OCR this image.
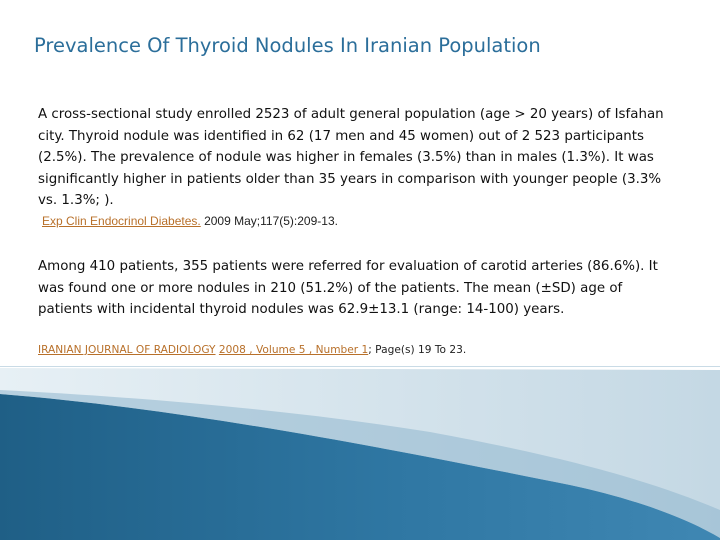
Prevalence Of Thyroid Nodules In Iranian Population

A cross-sectional study enrolled 2523 of adult general population (age > 20 years) of Isfahan city. Thyroid nodule was identified in 62 (17 men and 45 women) out of 2 523 participants (2.5%). The prevalence of nodule was higher in females (3.5%) than in males (1.3%). It was significantly higher in patients older than 35 years in comparison with younger people (3.3% vs. 1.3%; ).

Exp Clin Endocrinol Diabetes. 2009 May;117(5):209-13.

Among 410 patients, 355 patients were referred for evaluation of carotid arteries (86.6%). It was found one or more nodules in 210 (51.2%) of the patients. The mean (±SD) age of patients with incidental thyroid nodules was 62.9±13.1 (range: 14-100) years.

IRANIAN JOURNAL OF RADIOLOGY 2008 , Volume 5 , Number 1; Page(s) 19 To 23.
